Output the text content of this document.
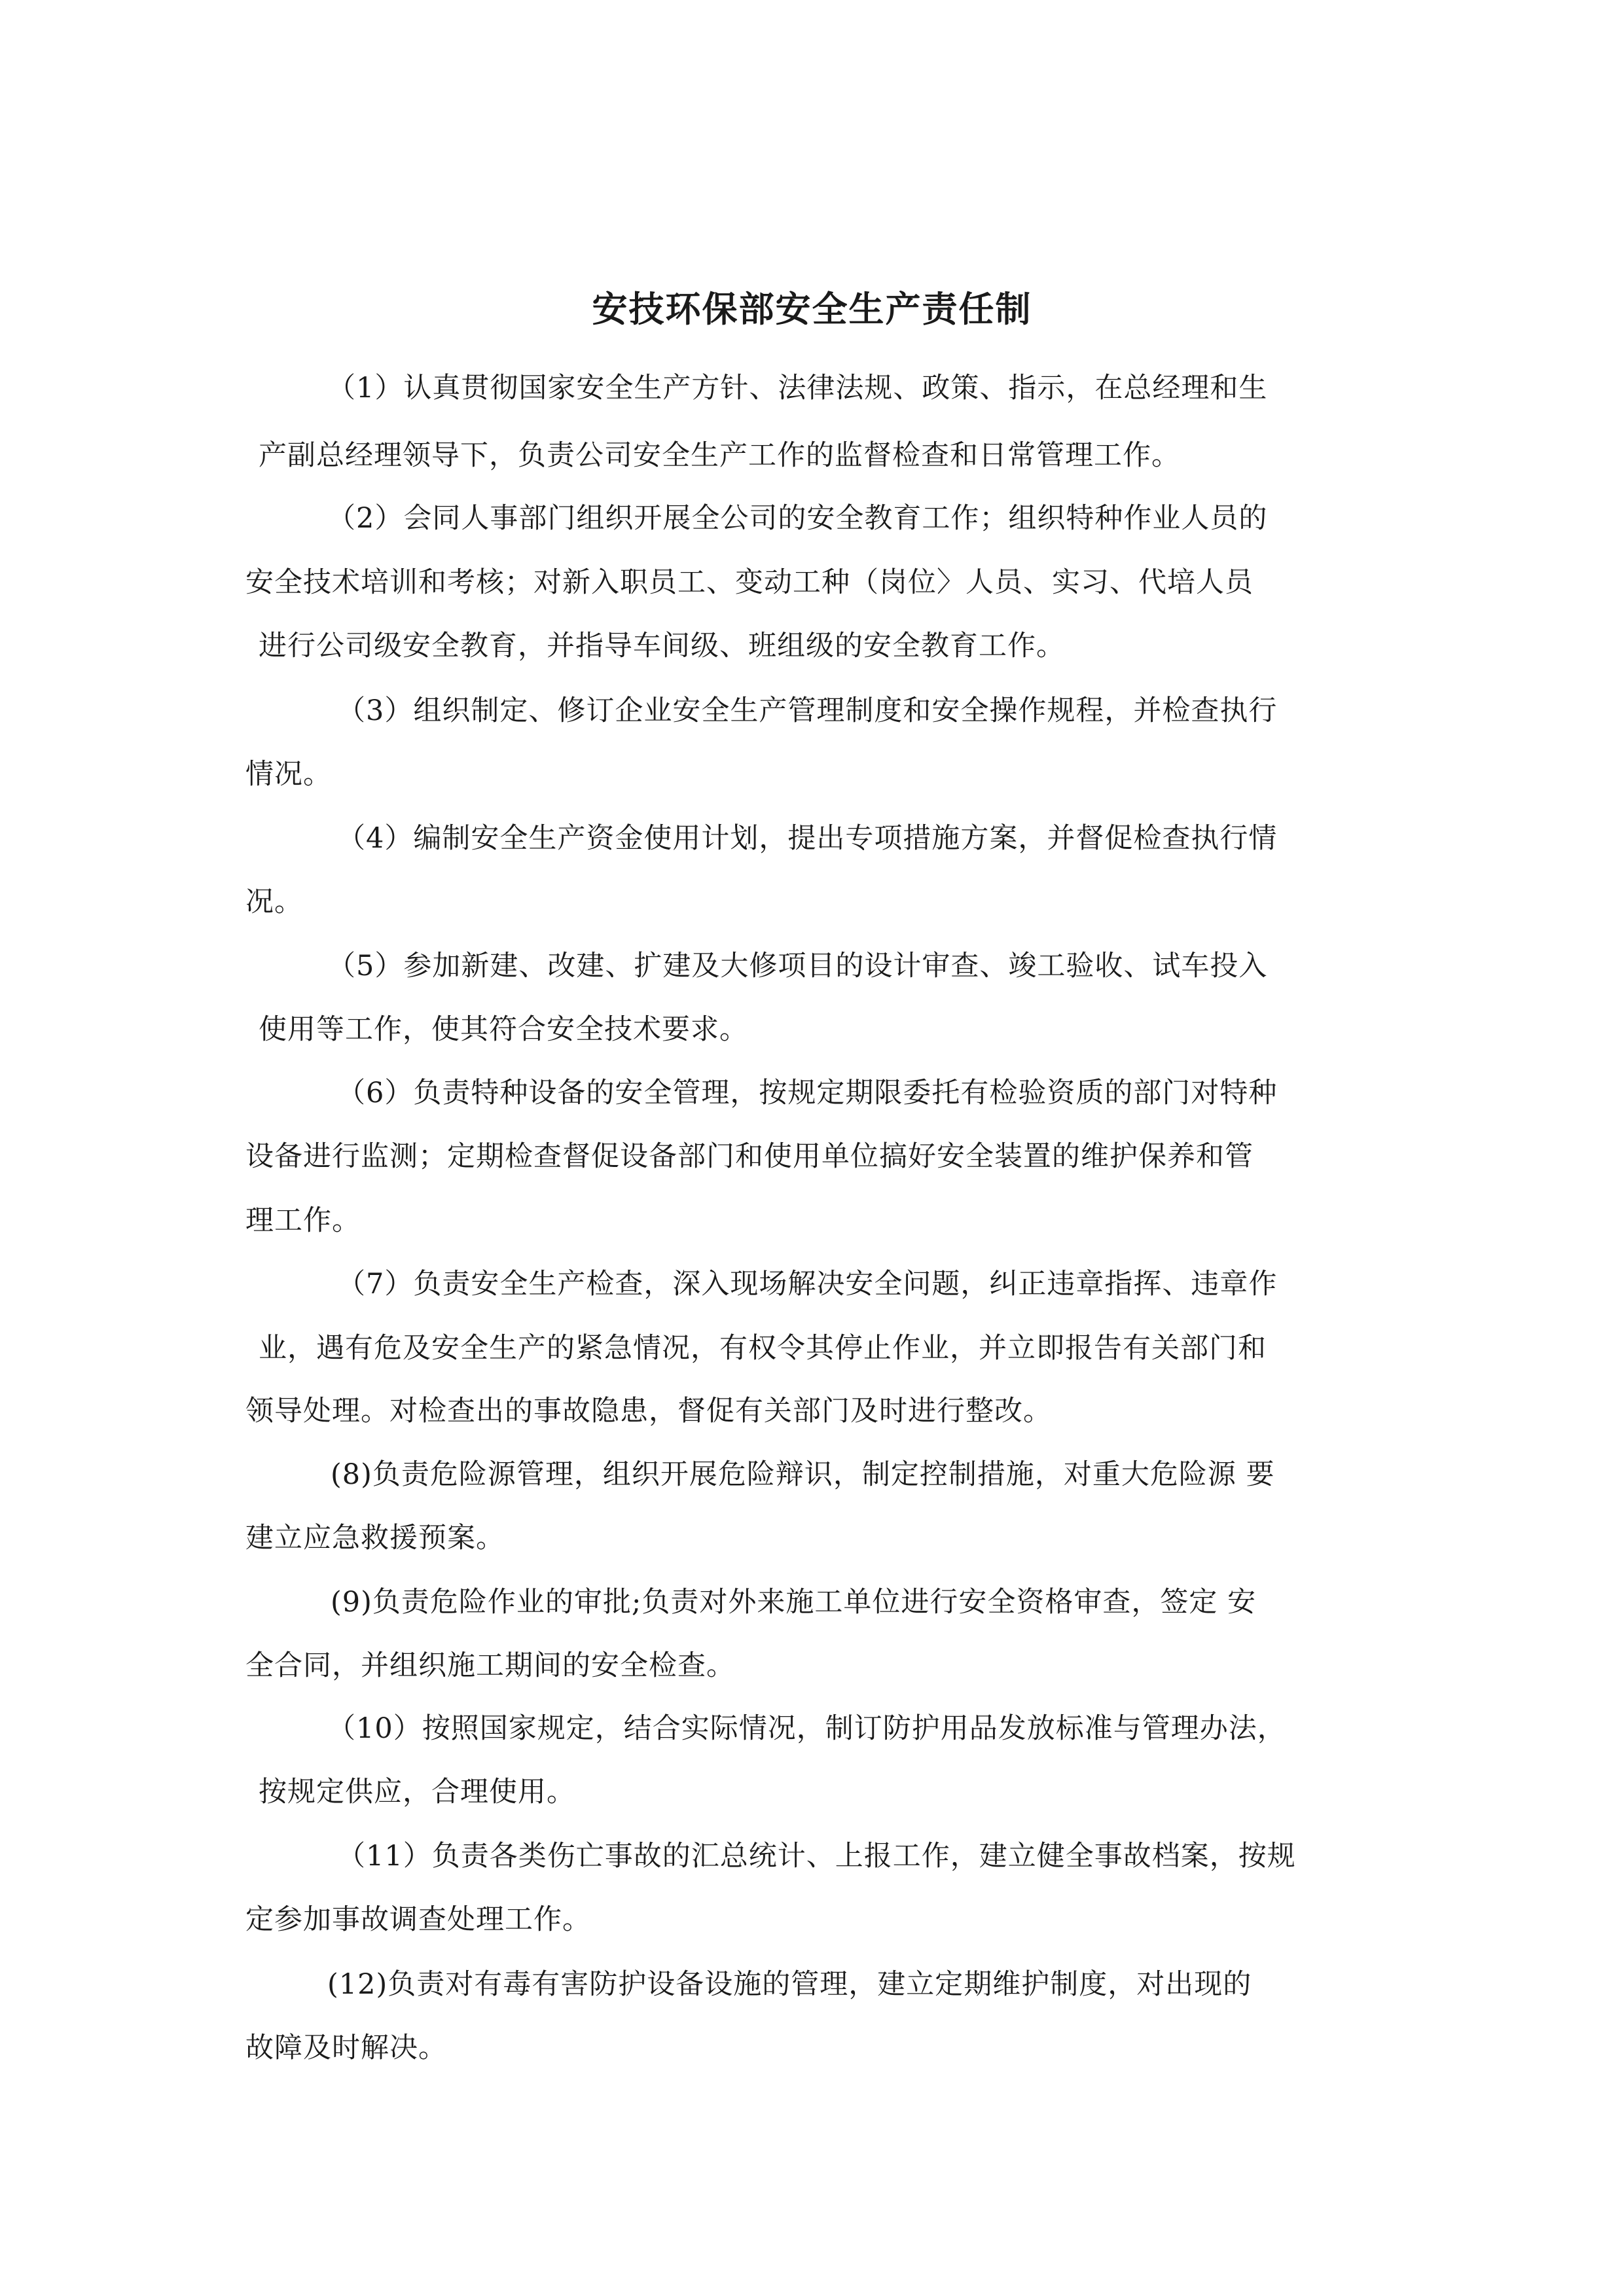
安技环保部安全生产责任制
（1）认真贯彻国家安全生产方针、法律法规、政策、指示，在总经理和生
产副总经理领导下，负责公司安全生产工作的监督检查和日常管理工作。
（2）会同人事部门组织开展全公司的安全教育工作；组织特种作业人员的
安全技术培训和考核；对新入职员工、变动工种（岗位〉人员、实习、代培人员
进行公司级安全教育，并指导车间级、班组级的安全教育工作。
（3）组织制定、修订企业安全生产管理制度和安全操作规程，并检查执行
情况。
（4）编制安全生产资金使用计划，提出专项措施方案，并督促检查执行情
况。
（5）参加新建、改建、扩建及大修项目的设计审查、竣工验收、试车投入
使用等工作，使其符合安全技术要求。
（6）负责特种设备的安全管理，按规定期限委托有检验资质的部门对特种
设备进行监测；定期检查督促设备部门和使用单位搞好安全装置的维护保养和管
理工作。
（7）负责安全生产检查，深入现场解决安全问题，纠正违章指挥、违章作
业，遇有危及安全生产的紧急情况，有权令其停止作业，并立即报告有关部门和
领导处理。对检查出的事故隐患，督促有关部门及时进行整改。
(8)负责危险源管理，组织开展危险辩识，制定控制措施，对重大危险源 要
建立应急救援预案。
(9)负责危险作业的审批;负责对外来施工单位进行安全资格审查，签定 安
全合同，并组织施工期间的安全检查。
（10）按照国家规定，结合实际情况，制订防护用品发放标准与管理办法，
按规定供应，合理使用。
（11）负责各类伤亡事故的汇总统计、上报工作，建立健全事故档案，按规
定参加事故调查处理工作。
(12)负责对有毒有害防护设备设施的管理，建立定期维护制度，对出现的
故障及时解决。
